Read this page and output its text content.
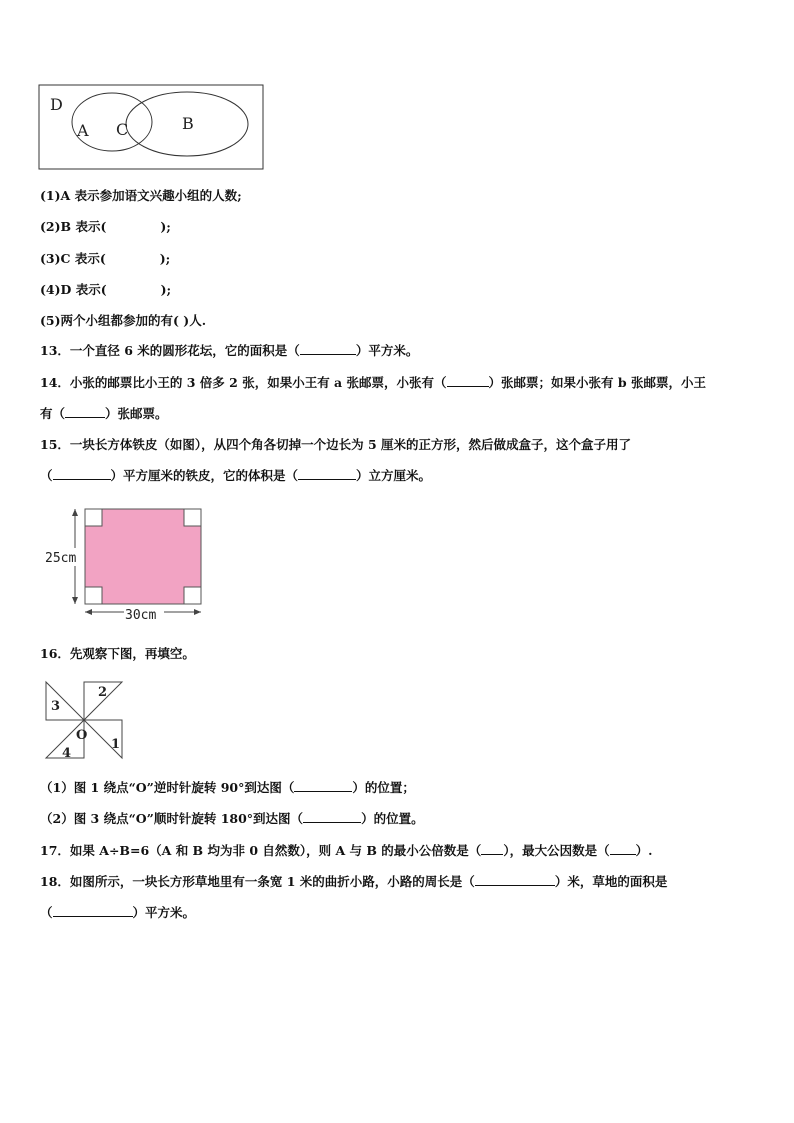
D
A C	B
(1)A 表示参加语文兴趣小组的人数;
(2)B 表示(	);
(3)C 表示(	);
(4)D 表示(	);
(5)两个小组都参加的有( )人.
13．一个直径 6 米的圆形花坛，它的面积是（	）平方米。
14．小张的邮票比小王的 3 倍多 2 张，如果小王有 a 张邮票，小张有（	）张邮票；如果小张有 b 张邮票，小王
有（	）张邮票。
15．一块长方体铁皮（如图），从四个角各切掉一个边长为 5 厘米的正方形，然后做成盒子，这个盒子用了
（	）平方厘米的铁皮，它的体积是（	）立方厘米。
25cm
30cm
16．先观察下图，再填空。
3
2
1
4
O
（1）图 1 绕点“O”逆时针旋转 90°到达图（	）的位置；
（2）图 3 绕点“O”顺时针旋转 180°到达图（	）的位置。
17．如果 A÷B=6（A 和 B 均为非 0 自然数），则 A 与 B 的最小公倍数是（ ），最大公因数是（ ）.
18．如图所示，一块长方形草地里有一条宽 1 米的曲折小路，小路的周长是（	）米，草地的面积是
（	）平方米。
